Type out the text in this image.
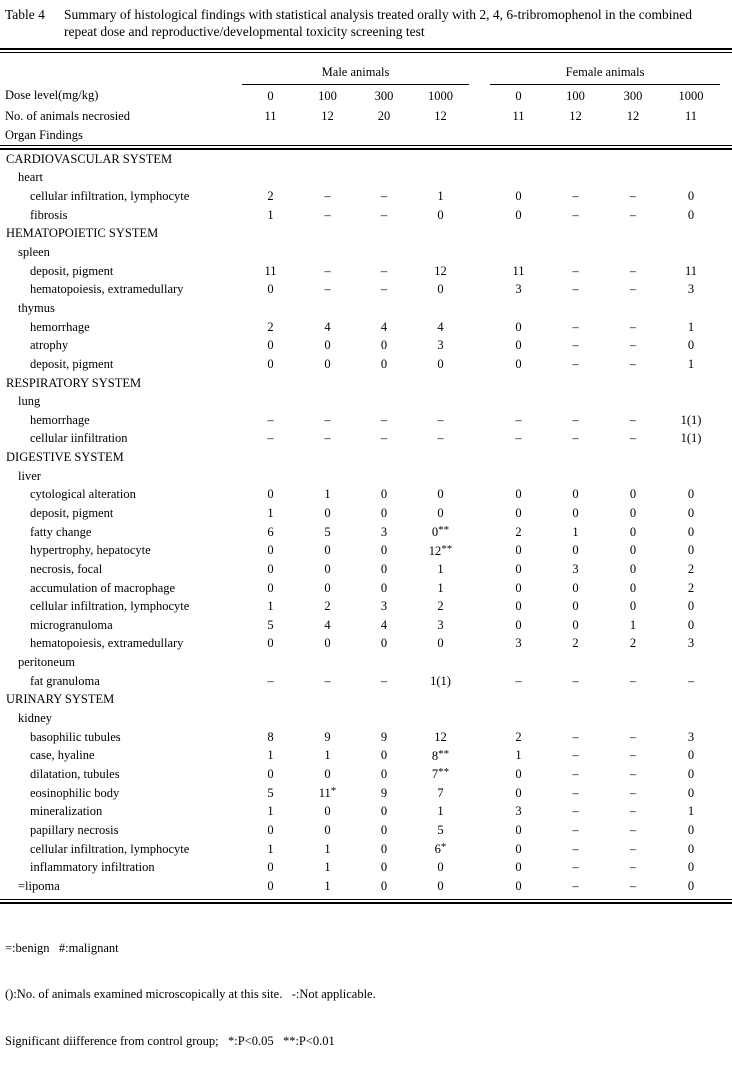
Table 4	Summary of histological findings with statistical analysis treated orally with 2, 4, 6-tribromophenol in the combined repeat dose and reproductive/developmental toxicity screening test
	Male animals					Female animals				
Dose level(mg/kg)	0	100	300	1000		0	100	300	1000	
No. of animals necrosied	11	12	20	12		11	12	12	11	
Organ Findings										

CARDIOVASCULAR SYSTEM										
heart										
cellular infiltration, lymphocyte	2	–	–	1		0	–	–	0	
fibrosis	1	–	–	0		0	–	–	0	
HEMATOPOIETIC SYSTEM										
spleen										
deposit, pigment	11	–	–	12		11	–	–	11	
hematopoiesis, extramedullary	0	–	–	0		3	–	–	3	
thymus										
hemorrhage	2	4	4	4		0	–	–	1	
atrophy	0	0	0	3		0	–	–	0	
deposit, pigment	0	0	0	0		0	–	–	1	
RESPIRATORY SYSTEM										
lung										
hemorrhage	–	–	–	–		–	–	–	1(1)	
cellular iinfiltration	–	–	–	–		–	–	–	1(1)	
DIGESTIVE SYSTEM										
liver										
cytological alteration	0	1	0	0		0	0	0	0	
deposit, pigment	1	0	0	0		0	0	0	0	
fatty change	6	5	3	0**		2	1	0	0	
hypertrophy, hepatocyte	0	0	0	12**		0	0	0	0	
necrosis, focal	0	0	0	1		0	3	0	2	
accumulation of macrophage	0	0	0	1		0	0	0	2	
cellular infiltration, lymphocyte	1	2	3	2		0	0	0	0	
microgranuloma	5	4	4	3		0	0	1	0	
hematopoiesis, extramedullary	0	0	0	0		3	2	2	3	
peritoneum										
fat granuloma	–	–	–	1(1)		–	–	–	–	
URINARY SYSTEM										
kidney										
basophilic tubules	8	9	9	12		2	–	–	3	
case, hyaline	1	1	0	8**		1	–	–	0	
dilatation, tubules	0	0	0	7**		0	–	–	0	
eosinophilic body	5	11*	9	7		0	–	–	0	
mineralization	1	0	0	1		3	–	–	1	
papillary necrosis	0	0	0	5		0	–	–	0	
cellular infiltration, lymphocyte	1	1	0	6*		0	–	–	0	
inflammatory infiltration	0	1	0	0		0	–	–	0	
=lipoma	0	1	0	0		0	–	–	0	

=:benign   #:malignant

():No. of animals examined microscopically at this site.   -:Not applicable.

Significant diifference from control group;   *:P<0.05   **:P<0.01
